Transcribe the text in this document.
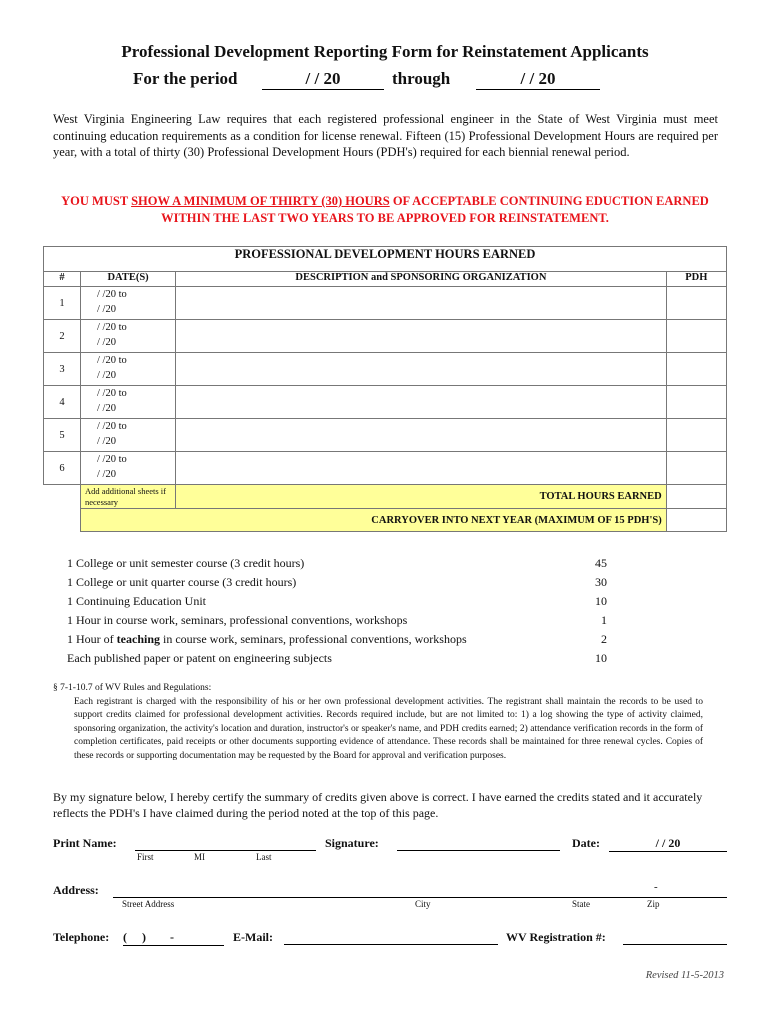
Professional Development Reporting Form for Reinstatement Applicants
For the period	/ / 20	through	/ / 20
West Virginia Engineering Law requires that each registered professional engineer in the State of West Virginia must meet continuing education requirements as a condition for license renewal. Fifteen (15) Professional Development Hours are required per year, with a total of thirty (30) Professional Development Hours (PDH's) required for each biennial renewal period.
YOU MUST SHOW A MINIMUM OF THIRTY (30) HOURS OF ACCEPTABLE CONTINUING EDUCTION EARNED WITHIN THE LAST TWO YEARS TO BE APPROVED FOR REINSTATEMENT.
PROFESSIONAL DEVELOPMENT HOURS EARNED			
#	DATE(S)	DESCRIPTION and SPONSORING ORGANIZATION	PDH
1	/ /20 to
/ /20		

2	/ /20 to
/ /20		

3	/ /20 to
/ /20		

4	/ /20 to
/ /20		

5	/ /20 to
/ /20		

6	/ /20 to
/ /20		

	Add additional sheets if necessary	TOTAL HOURS EARNED	
	CARRYOVER INTO NEXT YEAR (MAXIMUM OF 15 PDH'S)		
1 College or unit semester course (3 credit hours)	45
1 College or unit quarter course (3 credit hours)	30
1 Continuing Education Unit	10
1 Hour in course work, seminars, professional conventions, workshops	1
1 Hour of teaching in course work, seminars, professional conventions, workshops	2
Each published paper or patent on engineering subjects	10
§ 7-1-10.7 of WV Rules and Regulations:
Each registrant is charged with the responsibility of his or her own professional development activities. The registrant shall maintain the records to be used to support credits claimed for professional development activities. Records required include, but are not limited to: 1) a log showing the type of activity claimed, sponsoring organization, the activity's location and duration, instructor's or speaker's name, and PDH credits earned; 2) attendance verification records in the form of completion certificates, paid receipts or other documents supporting evidence of attendance. These records shall be maintained for three renewal cycles. Copies of these records or supporting documentation may be requested by the Board for approval and verification purposes.
By my signature below, I hereby certify the summary of credits given above is correct. I have earned the credits stated and it accurately reflects the PDH's I have claimed during the period noted at the top of this page.
Print Name:
First	MI	Last
Signature:	Date:	/ / 20
Address:	-
Street Address	City	State	Zip
Telephone: (     )        -	E-Mail:	WV Registration #:
Revised 11-5-2013
